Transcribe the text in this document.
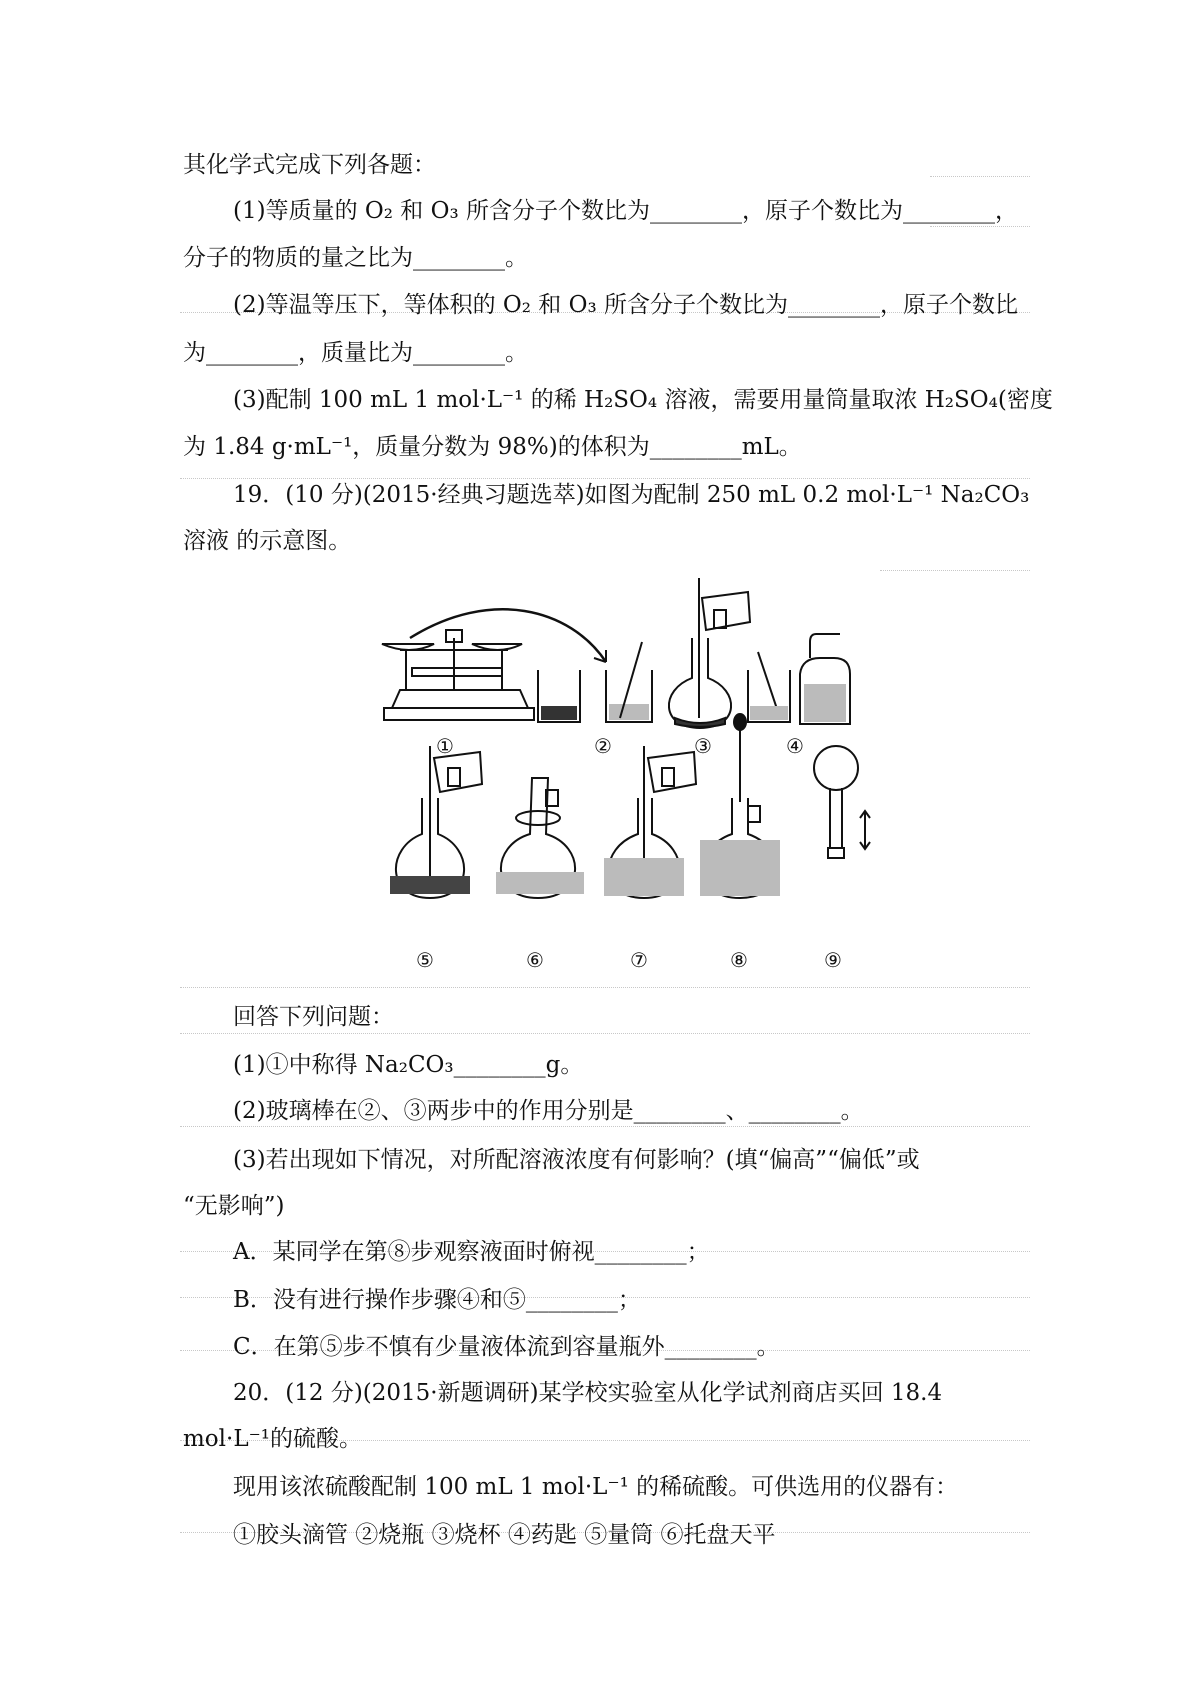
其化学式完成下列各题：
(1)等质量的 O₂ 和 O₃ 所含分子个数比为________，原子个数比为________，
分子的物质的量之比为________。
(2)等温等压下，等体积的 O₂ 和 O₃ 所含分子个数比为________，原子个数比
为________，质量比为________。
(3)配制 100 mL 1 mol·L⁻¹ 的稀 H₂SO₄ 溶液，需要用量筒量取浓 H₂SO₄(密度
为 1.84 g·mL⁻¹，质量分数为 98%)的体积为________mL。
19．(10 分)(2015·经典习题选萃)如图为配制 250 mL 0.2 mol·L⁻¹ Na₂CO₃
溶液 的示意图。
①	②	③	④
⑤	⑥	⑦	⑧	⑨
回答下列问题：
(1)①中称得 Na₂CO₃________g。
(2)玻璃棒在②、③两步中的作用分别是________、________。
(3)若出现如下情况，对所配溶液浓度有何影响？(填“偏高”“偏低”或
“无影响”)
A．某同学在第⑧步观察液面时俯视________；
B．没有进行操作步骤④和⑤________；
C．在第⑤步不慎有少量液体流到容量瓶外________。
20．(12 分)(2015·新题调研)某学校实验室从化学试剂商店买回 18.4
mol·L⁻¹的硫酸。
现用该浓硫酸配制 100 mL 1 mol·L⁻¹ 的稀硫酸。可供选用的仪器有：
①胶头滴管 ②烧瓶 ③烧杯 ④药匙 ⑤量筒 ⑥托盘天平
